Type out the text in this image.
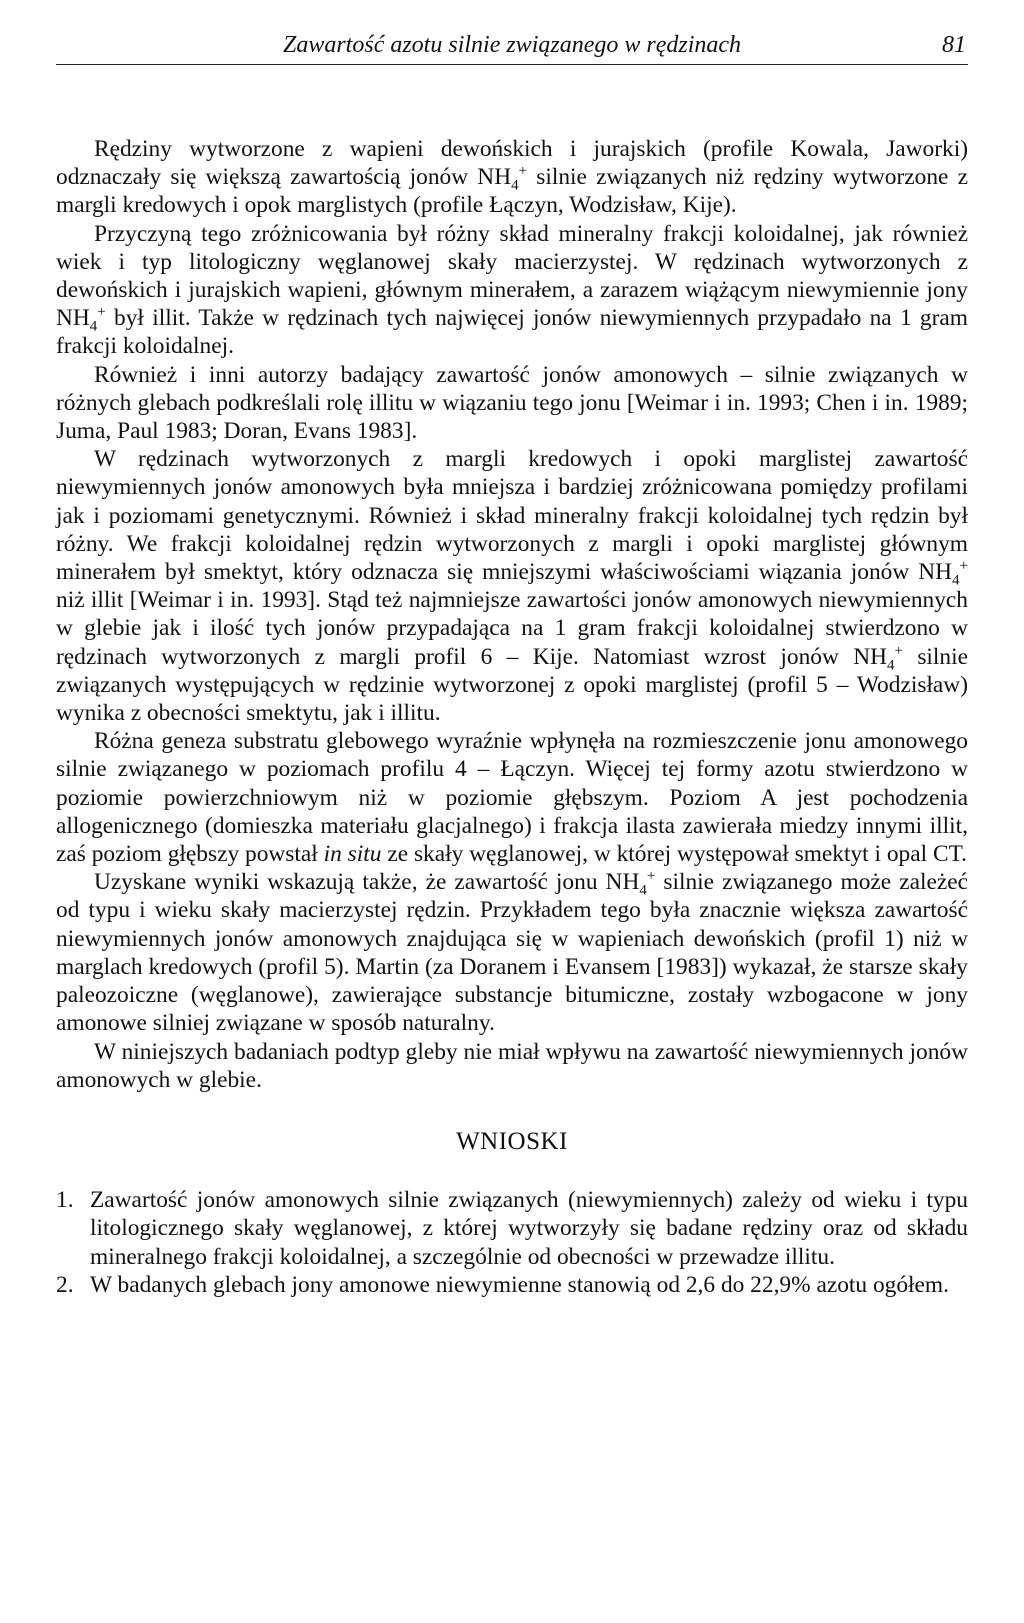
Zawartość azotu silnie związanego w rędzinach	81

Rędziny wytworzone z wapieni dewońskich i jurajskich (profile Kowala, Jaworki) odznaczały się większą zawartością jonów $NH_4^+$ silnie związanych niż rędziny wytworzone z margli kredowych i opok marglistych (profile Łączyn, Wodzisław, Kije).

Przyczyną tego zróżnicowania był różny skład mineralny frakcji koloidalnej, jak również wiek i typ litologiczny węglanowej skały macierzystej. W rędzinach wytworzonych z dewońskich i jurajskich wapieni, głównym minerałem, a zarazem wiążącym niewymiennie jony $NH_4^+$ był illit. Także w rędzinach tych najwięcej jonów niewymiennych przypadało na 1 gram frakcji koloidalnej.

Również i inni autorzy badający zawartość jonów amonowych – silnie związanych w różnych glebach podkreślali rolę illitu w wiązaniu tego jonu [Weimar i in. 1993; Chen i in. 1989; Juma, Paul 1983; Doran, Evans 1983].

W rędzinach wytworzonych z margli kredowych i opoki marglistej zawartość niewymiennych jonów amonowych była mniejsza i bardziej zróżnicowana pomiędzy profilami jak i poziomami genetycznymi. Również i skład mineralny frakcji koloidalnej tych rędzin był różny. We frakcji koloidalnej rędzin wytworzonych z margli i opoki marglistej głównym minerałem był smektyt, który odznacza się mniejszymi właściwościami wiązania jonów $NH_4^+$ niż illit [Weimar i in. 1993]. Stąd też najmniejsze zawartości jonów amonowych niewymiennych w glebie jak i ilość tych jonów przypadająca na 1 gram frakcji koloidalnej stwierdzono w rędzinach wytworzonych z margli profil 6 – Kije. Natomiast wzrost jonów $NH_4^+$ silnie związanych występujących w rędzinie wytworzonej z opoki marglistej (profil 5 – Wodzisław) wynika z obecności smektytu, jak i illitu.

Różna geneza substratu glebowego wyraźnie wpłynęła na rozmieszczenie jonu amonowego silnie związanego w poziomach profilu 4 – Łączyn. Więcej tej formy azotu stwierdzono w poziomie powierzchniowym niż w poziomie głębszym. Poziom A jest pochodzenia allogenicznego (domieszka materiału glacjalnego) i frakcja ilasta zawierała miedzy innymi illit, zaś poziom głębszy powstał in situ ze skały węglanowej, w której występował smektyt i opal CT.

Uzyskane wyniki wskazują także, że zawartość jonu $NH_4^+$ silnie związanego może zależeć od typu i wieku skały macierzystej rędzin. Przykładem tego była znacznie większa zawartość niewymiennych jonów amonowych znajdująca się w wapieniach dewońskich (profil 1) niż w marglach kredowych (profil 5). Martin (za Doranem i Evansem [1983]) wykazał, że starsze skały paleozoiczne (węglanowe), zawierające substancje bitumiczne, zostały wzbogacone w jony amonowe silniej związane w sposób naturalny.

W niniejszych badaniach podtyp gleby nie miał wpływu na zawartość niewymiennych jonów amonowych w glebie.

WNIOSKI
1. Zawartość jonów amonowych silnie związanych (niewymiennych) zależy od wieku i typu litologicznego skały węglanowej, z której wytworzyły się badane rędziny oraz od składu mineralnego frakcji koloidalnej, a szczególnie od obecności w przewadze illitu.
2. W badanych glebach jony amonowe niewymienne stanowią od 2,6 do 22,9% azotu ogółem.
